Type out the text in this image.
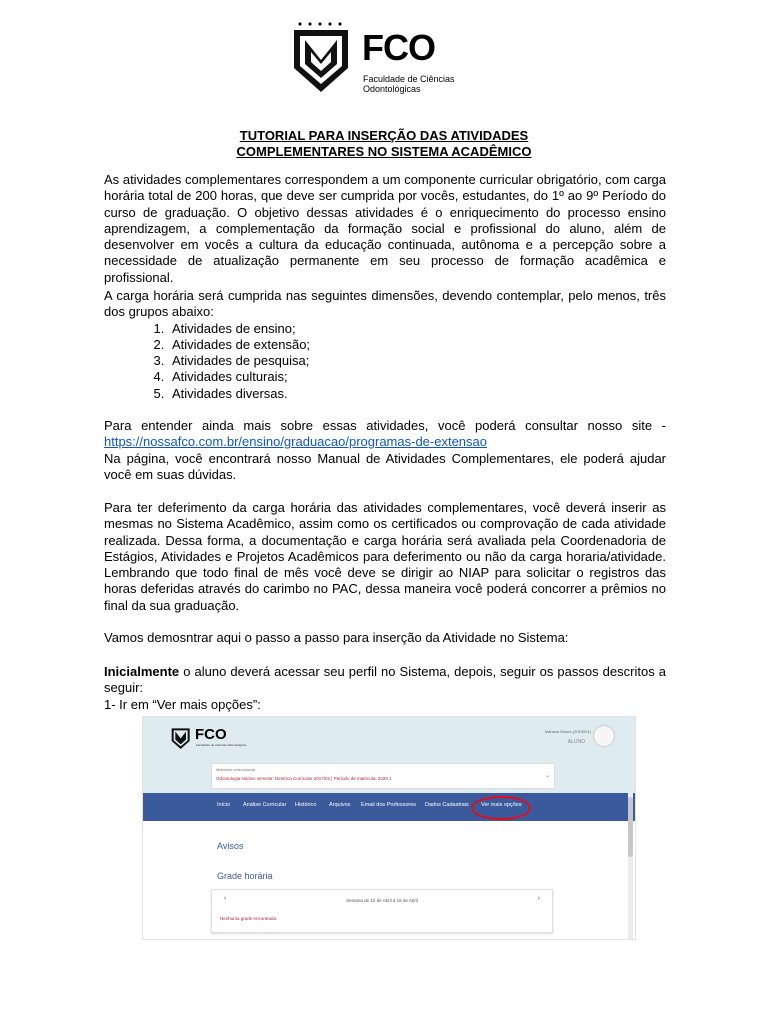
FCO
Faculdade de Ciências Odontológicas
TUTORIAL PARA INSERÇÃO DAS ATIVIDADES
COMPLEMENTARES NO SISTEMA ACADÊMICO
As atividades complementares correspondem a um componente curricular obrigatório, com carga horária total de 200 horas, que deve ser cumprida por vocês, estudantes, do 1º ao 9º Período do curso de graduação. O objetivo dessas atividades é o enriquecimento do processo ensino aprendizagem, a complementação da formação social e profissional do aluno, além de desenvolver em vocês a cultura da educação continuada, autônoma e a percepção sobre a necessidade de atualização permanente em seu processo de formação acadêmica e profissional.
A carga horária será cumprida nas seguintes dimensões, devendo contemplar, pelo menos, três dos grupos abaixo:
1. Atividades de ensino;
2. Atividades de extensão;
3. Atividades de pesquisa;
4. Atividades culturais;
5. Atividades diversas.
Para entender ainda mais sobre essas atividades, você poderá consultar nosso site -
https://nossafco.com.br/ensino/graduacao/programas-de-extensao
Na página, você encontrará nosso Manual de Atividades Complementares, ele poderá ajudar você em suas dúvidas.
Para ter deferimento da carga horária das atividades complementares, você deverá inserir as mesmas no Sistema Acadêmico, assim como os certificados ou comprovação de cada atividade realizada. Dessa forma, a documentação e carga horária será avaliada pela Coordenadoria de Estágios, Atividades e Projetos Acadêmicos para deferimento ou não da carga horaria/atividade. Lembrando que todo final de mês você deve se dirigir ao NIAP para solicitar o registros das horas deferidas através do carimbo no PAC, dessa maneira você poderá concorrer a prêmios no final da sua graduação.
Vamos demosntrar aqui o passo a passo para inserção da Atividade no Sistema:
Inicialmente o aluno deverá acessar seu perfil no Sistema, depois, seguir os passos descritos a seguir:
1- Ir em “Ver mais opções”:
FCO
Faculdade de Ciências Odontológicas
Mariana Moura (2019001)
ALUNO
Matrícula selecionada
Odontologia Núcleo semestr. Diretrica Curricular 2017/02 | Período de matricula: 2020.1	⌄
Início Análise Curricular Histórico Arquivos Email dos Professores Dados Cadastrais Ver mais opções
Avisos
Grade horária
‹	Semana de 12 de Abril a 18 de Abril	›
Nenhuma grade encontrada.
